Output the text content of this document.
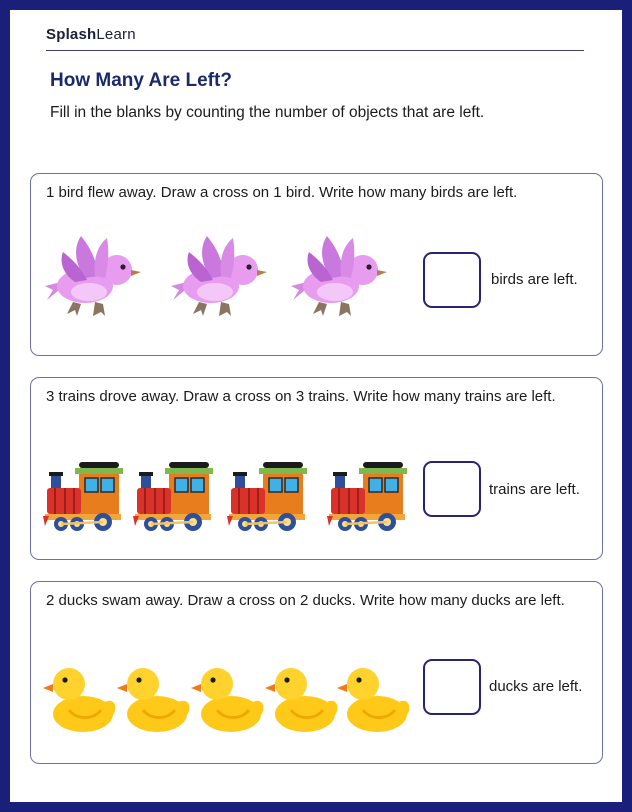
SplashLearn
How Many Are Left?
Fill in the blanks by counting the number of objects that are left.
1 bird flew away. Draw a cross on 1 bird. Write how many birds are left.
birds are left.
3 trains drove away. Draw a cross on 3 trains. Write how many trains are left.
trains are left.
2 ducks swam away. Draw a cross on 2 ducks. Write how many ducks are left.
ducks are left.
